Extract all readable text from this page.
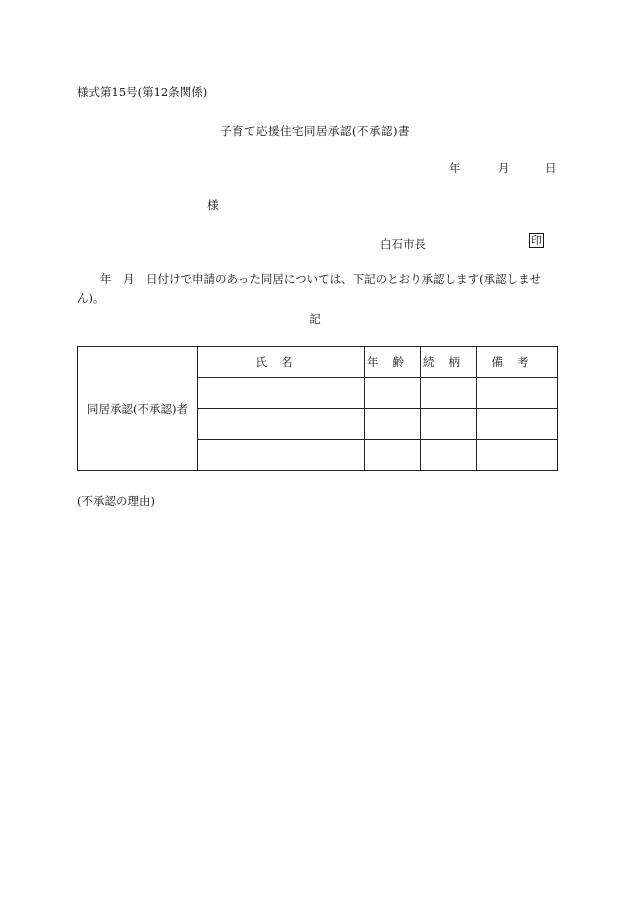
様式第15号(第12条関係)
子育て応援住宅同居承認(不承認)書
年	月	日
様
白石市長	印
年　月　日付けで申請のあった同居については、下記のとおり承認します(承認しません)。
記
同居承認(不承認)者	氏名	年齢	続柄	備考

(不承認の理由)
